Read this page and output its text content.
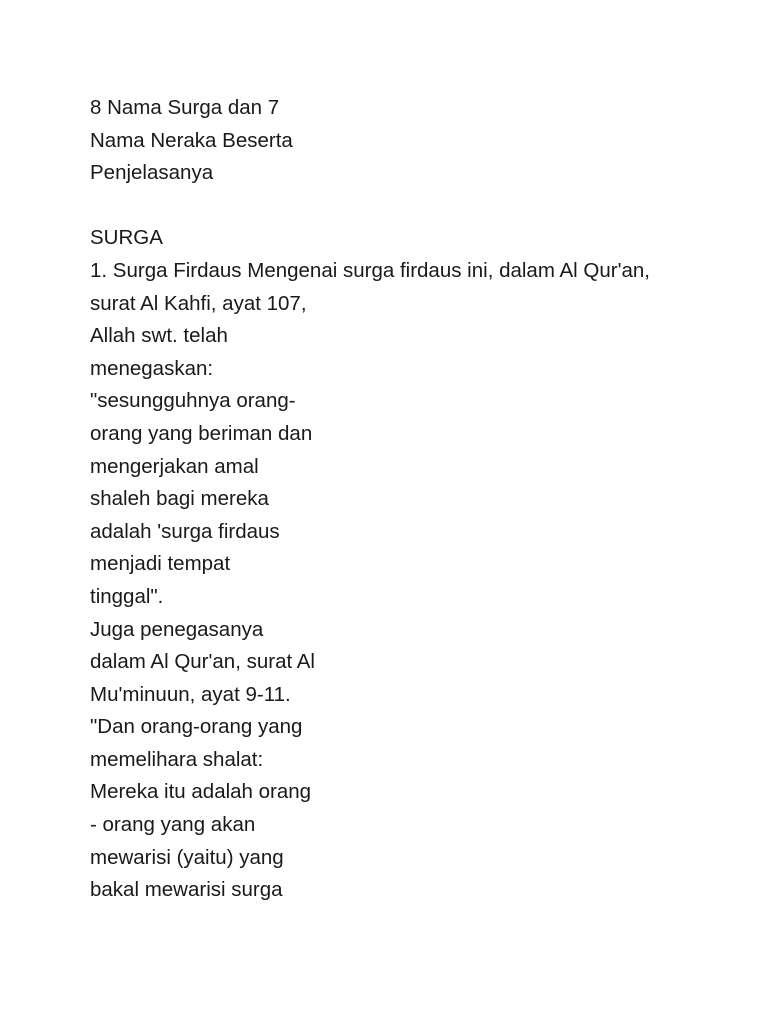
8 Nama Surga dan 7
Nama Neraka Beserta
Penjelasanya
SURGA
1. Surga Firdaus Mengenai surga firdaus ini, dalam Al Qur'an,
surat Al Kahfi, ayat 107,
Allah swt. telah
menegaskan:
"sesungguhnya orang-
orang yang beriman dan
mengerjakan amal
shaleh bagi mereka
adalah 'surga firdaus
menjadi tempat
tinggal".
Juga penegasanya
dalam Al Qur'an, surat Al
Mu'minuun, ayat 9-11.
"Dan orang-orang yang
memelihara shalat:
Mereka itu adalah orang
- orang yang akan
mewarisi (yaitu) yang
bakal mewarisi surga
